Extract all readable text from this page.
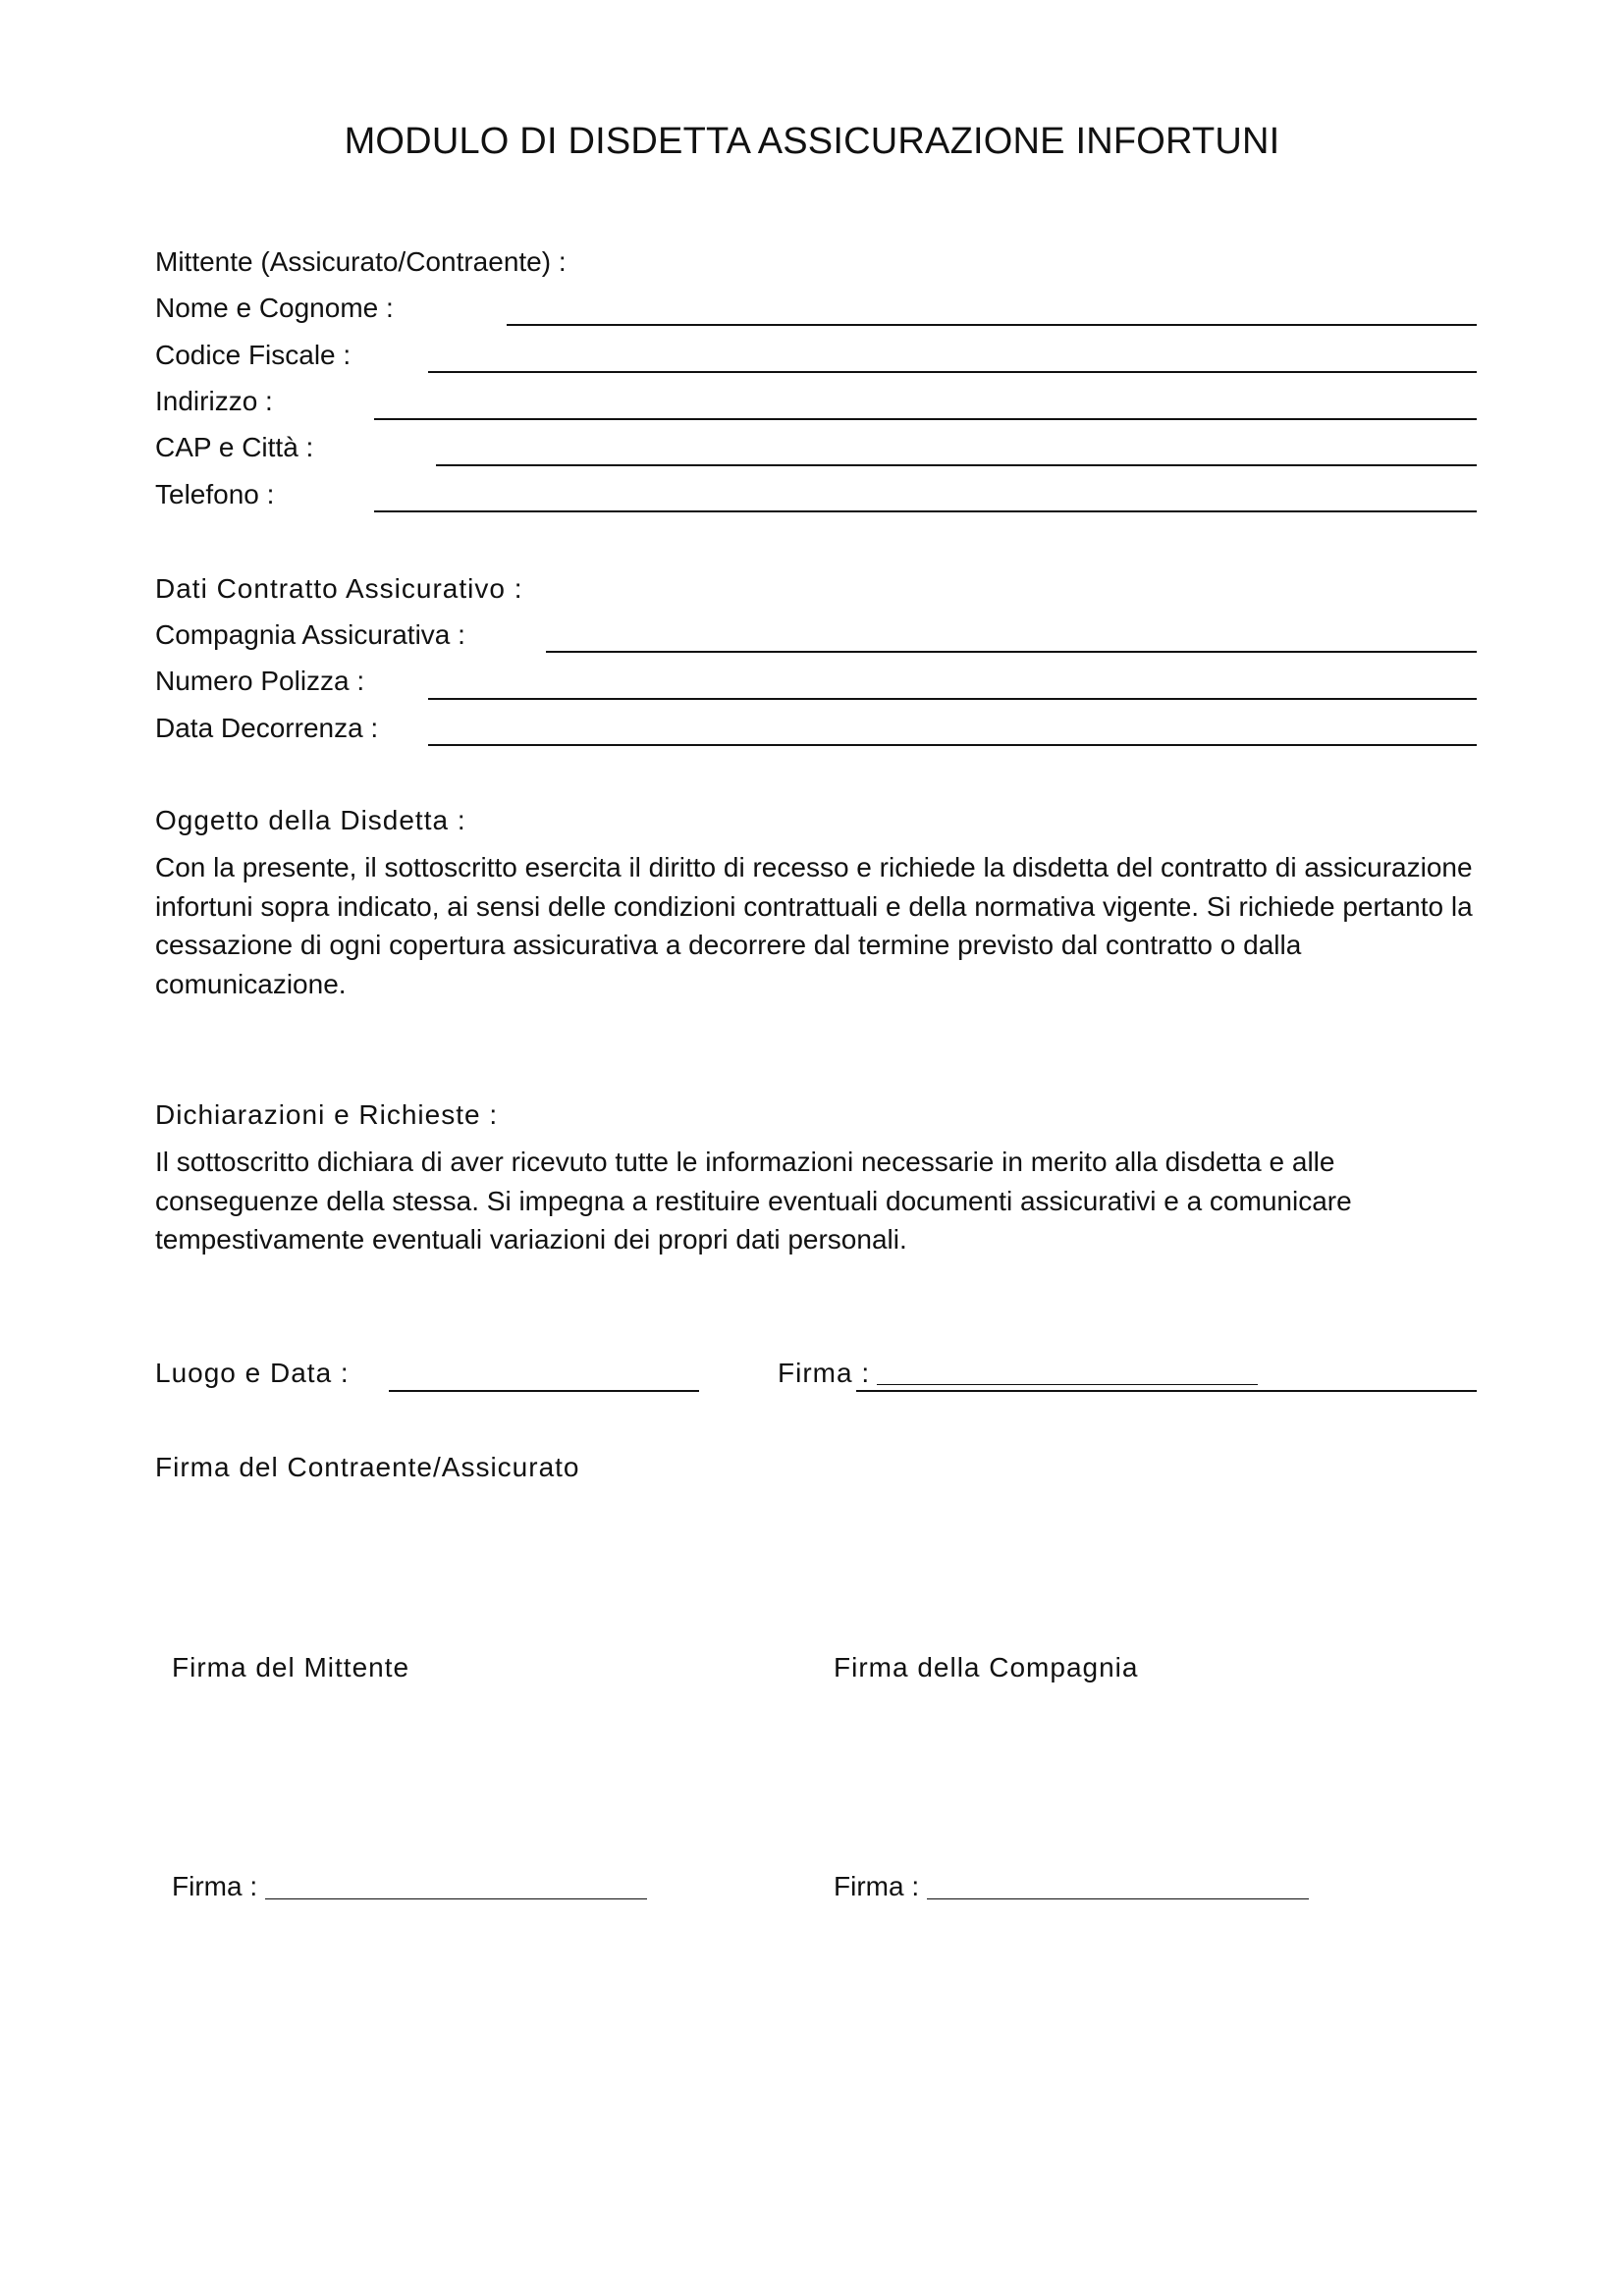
MODULO DI DISDETTA ASSICURAZIONE INFORTUNI
Mittente (Assicurato/Contraente) :
Nome e Cognome :
Codice Fiscale :
Indirizzo :
CAP e Città :
Telefono :
Dati Contratto Assicurativo :
Compagnia Assicurativa :
Numero Polizza :
Data Decorrenza :
Oggetto della Disdetta :

Con la presente, il sottoscritto esercita il diritto di recesso e richiede la disdetta del contratto di assicurazione

infortuni sopra indicato, ai sensi delle condizioni contrattuali e della normativa vigente. Si richiede pertanto la

cessazione di ogni copertura assicurativa a decorrere dal termine previsto dal contratto o dalla

comunicazione.

Dichiarazioni e Richieste :

Il sottoscritto dichiara di aver ricevuto tutte le informazioni necessarie in merito alla disdetta e alle

conseguenze della stessa. Si impegna a restituire eventuali documenti assicurativi e a comunicare

tempestivamente eventuali variazioni dei propri dati personali.

Luogo e Data :	Firma :
Firma del Contraente/Assicurato
Firma del Mittente	Firma della Compagnia
Firma :	Firma :
